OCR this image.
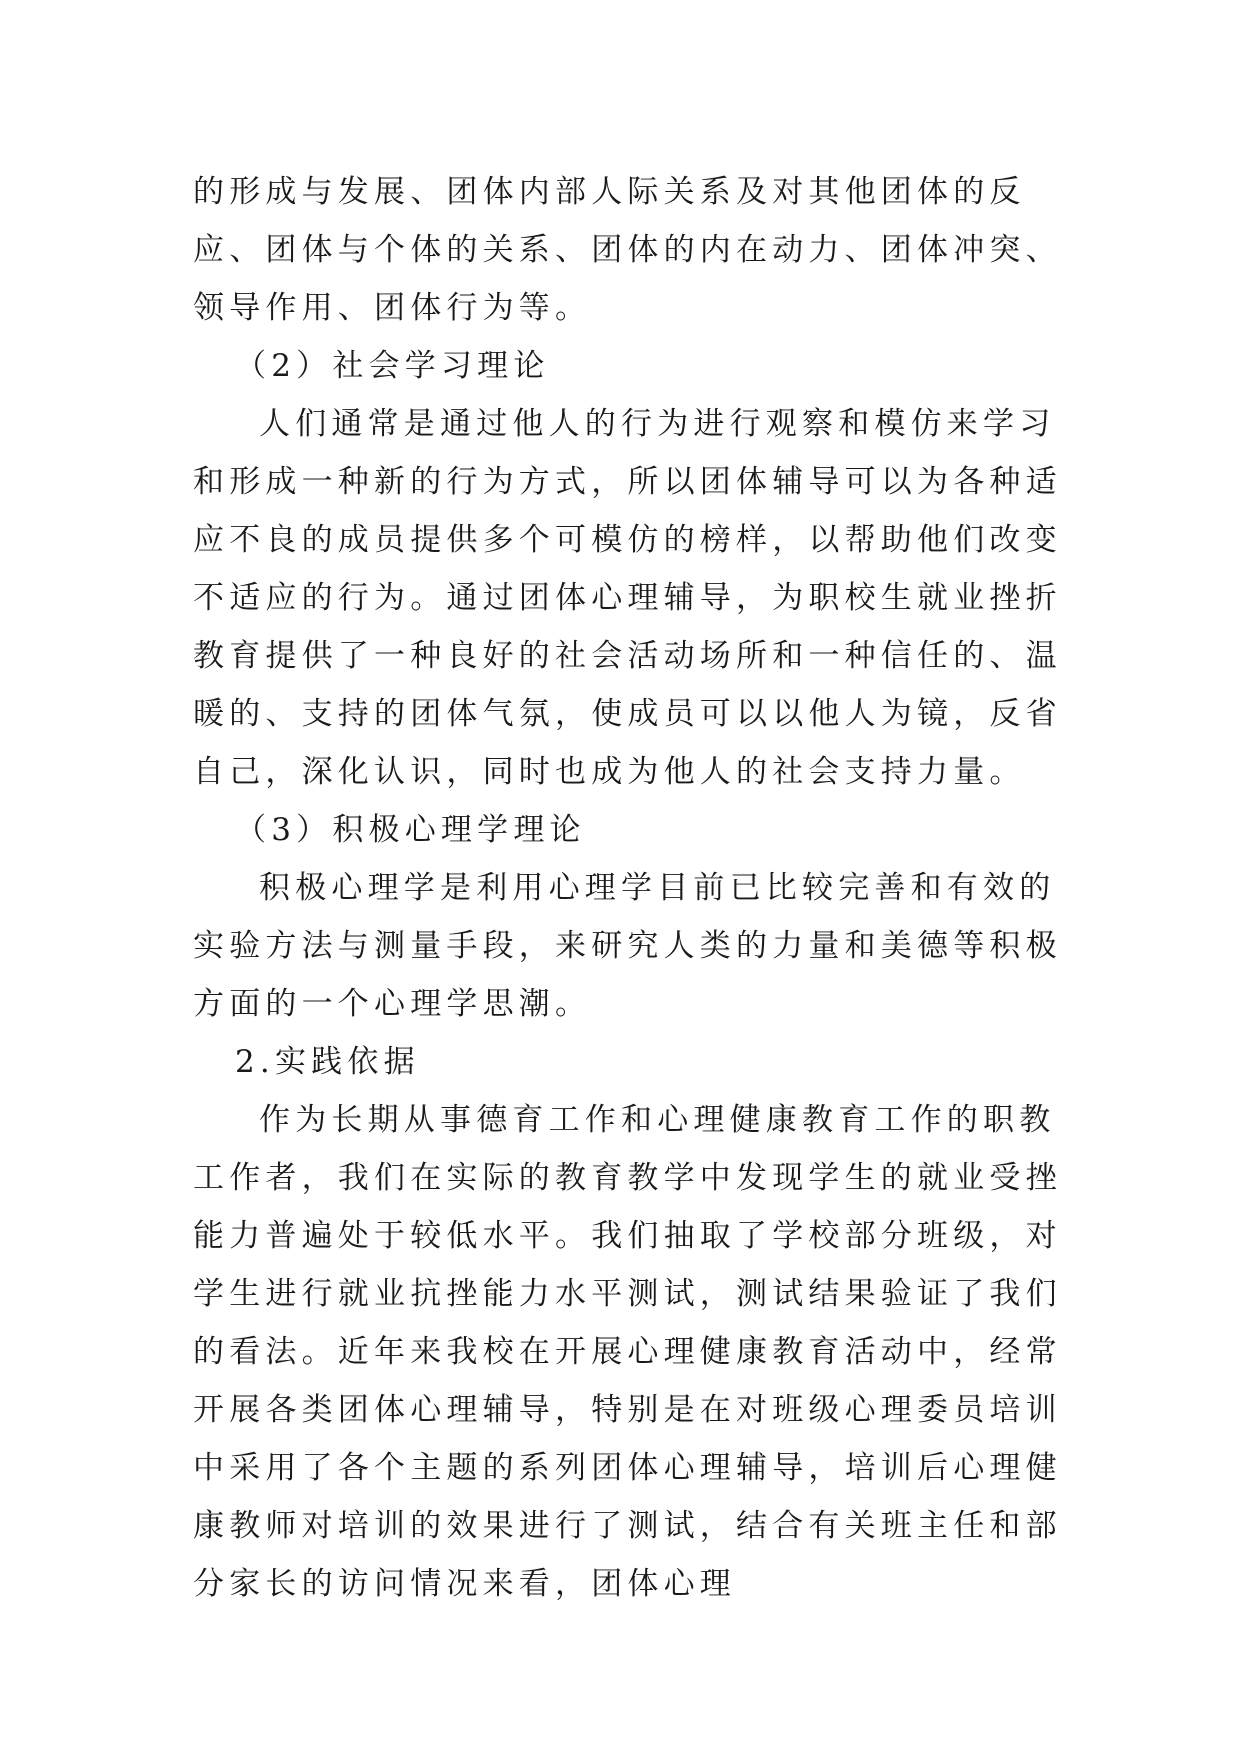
的形成与发展、团体内部人际关系及对其他团体的反应、团体与个体的关系、团体的内在动力、团体冲突、领导作用、团体行为等。

（2）社会学习理论

人们通常是通过他人的行为进行观察和模仿来学习和形成一种新的行为方式，所以团体辅导可以为各种适应不良的成员提供多个可模仿的榜样，以帮助他们改变不适应的行为。通过团体心理辅导，为职校生就业挫折教育提供了一种良好的社会活动场所和一种信任的、温暖的、支持的团体气氛，使成员可以以他人为镜，反省自己，深化认识，同时也成为他人的社会支持力量。

（3）积极心理学理论

积极心理学是利用心理学目前已比较完善和有效的实验方法与测量手段，来研究人类的力量和美德等积极方面的一个心理学思潮。

2.实践依据

作为长期从事德育工作和心理健康教育工作的职教工作者，我们在实际的教育教学中发现学生的就业受挫能力普遍处于较低水平。我们抽取了学校部分班级，对学生进行就业抗挫能力水平测试，测试结果验证了我们的看法。近年来我校在开展心理健康教育活动中，经常开展各类团体心理辅导，特别是在对班级心理委员培训中采用了各个主题的系列团体心理辅导，培训后心理健康教师对培训的效果进行了测试，结合有关班主任和部分家长的访问情况来看，团体心理
